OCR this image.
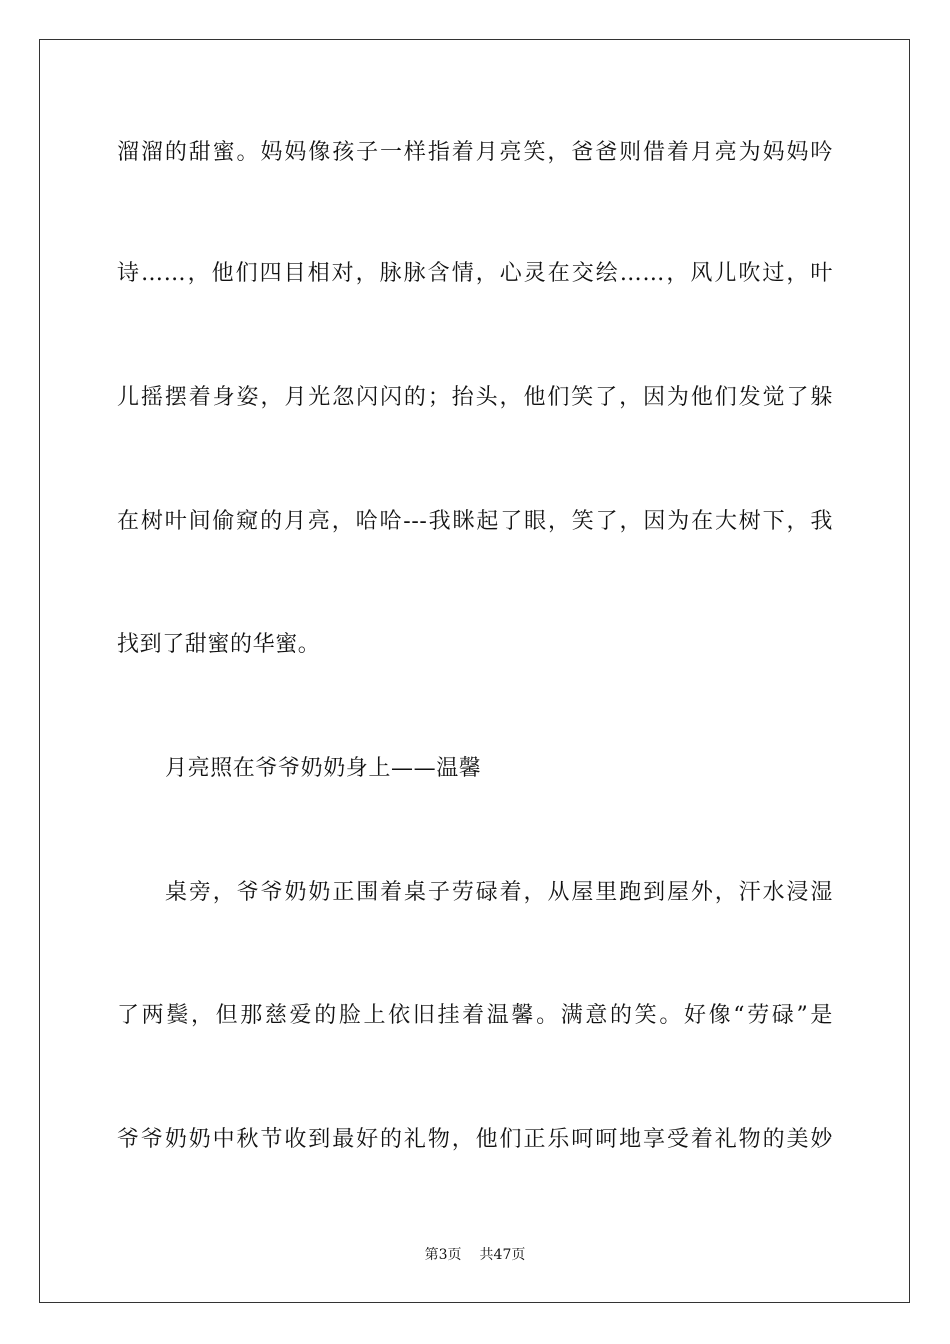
溜溜的甜蜜。妈妈像孩子一样指着月亮笑，爸爸则借着月亮为妈妈吟
诗……，他们四目相对，脉脉含情，心灵在交绘……，风儿吹过，叶
儿摇摆着身姿，月光忽闪闪的；抬头，他们笑了，因为他们发觉了躲
在树叶间偷窥的月亮，哈哈---我眯起了眼，笑了，因为在大树下，我
找到了甜蜜的华蜜。
月亮照在爷爷奶奶身上——温馨
桌旁，爷爷奶奶正围着桌子劳碌着，从屋里跑到屋外，汗水浸湿
了两鬓，但那慈爱的脸上依旧挂着温馨。满意的笑。好像“劳碌”是
爷爷奶奶中秋节收到最好的礼物，他们正乐呵呵地享受着礼物的美妙
第3页 共47页
